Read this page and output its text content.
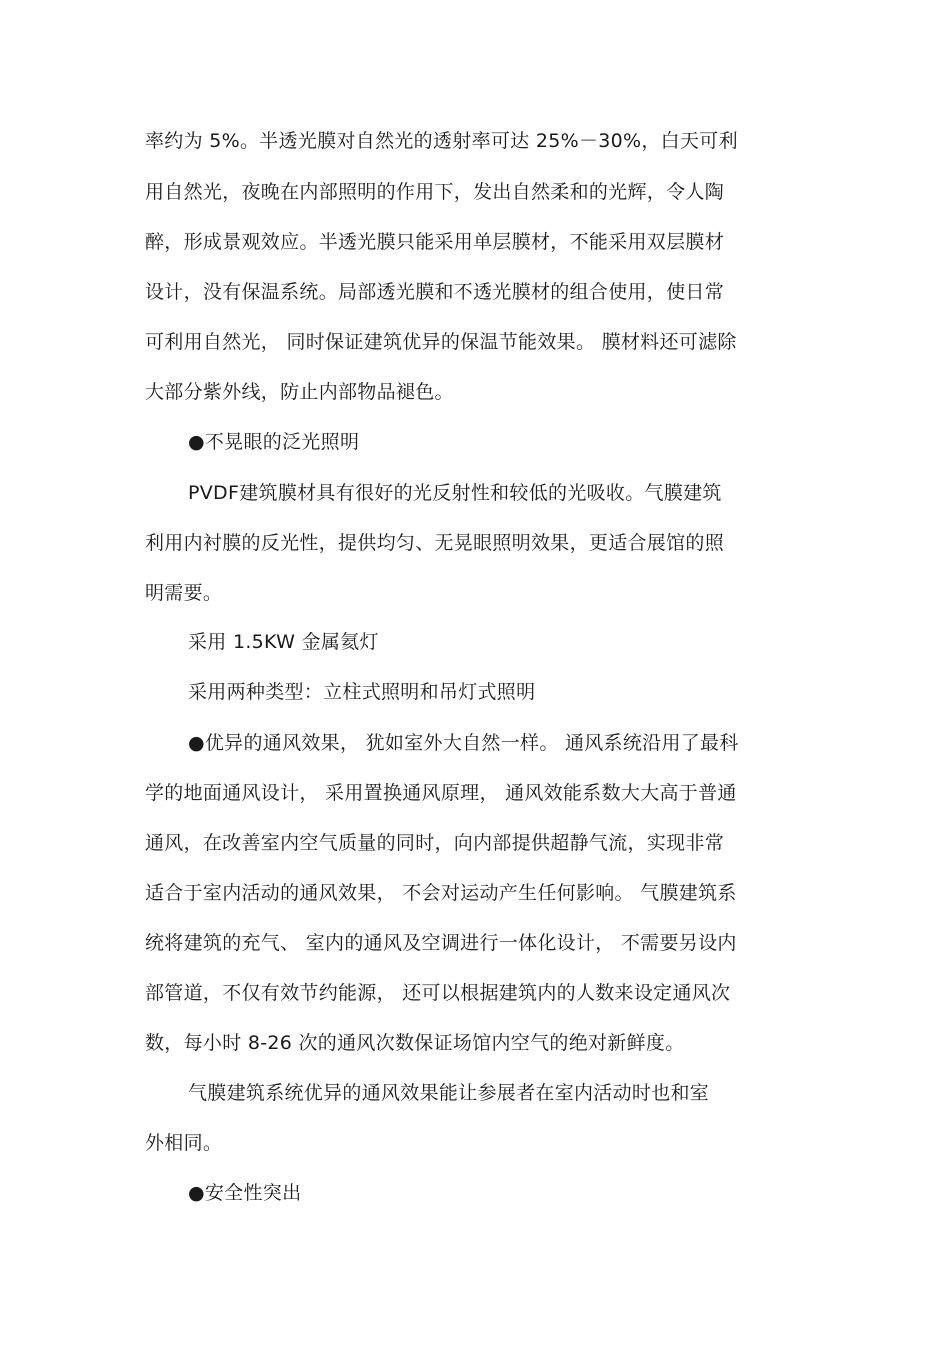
率约为 5%。半透光膜对自然光的透射率可达 25%－30%，白天可利
用自然光，夜晚在内部照明的作用下，发出自然柔和的光辉，令人陶
醉，形成景观效应。半透光膜只能采用单层膜材，不能采用双层膜材
设计，没有保温系统。局部透光膜和不透光膜材的组合使用，使日常
可利用自然光， 同时保证建筑优异的保温节能效果。 膜材料还可滤除
大部分紫外线，防止内部物品褪色。
●不晃眼的泛光照明
PVDF建筑膜材具有很好的光反射性和较低的光吸收。气膜建筑
利用内衬膜的反光性，提供均匀、无晃眼照明效果，更适合展馆的照
明需要。
采用 1.5KW 金属氦灯
采用两种类型：立柱式照明和吊灯式照明
●优异的通风效果， 犹如室外大自然一样。 通风系统沿用了最科
学的地面通风设计， 采用置换通风原理， 通风效能系数大大高于普通
通风，在改善室内空气质量的同时，向内部提供超静气流，实现非常
适合于室内活动的通风效果， 不会对运动产生任何影响。 气膜建筑系
统将建筑的充气、 室内的通风及空调进行一体化设计， 不需要另设内
部管道，不仅有效节约能源， 还可以根据建筑内的人数来设定通风次
数，每小时 8-26 次的通风次数保证场馆内空气的绝对新鲜度。
气膜建筑系统优异的通风效果能让参展者在室内活动时也和室
外相同。
●安全性突出
